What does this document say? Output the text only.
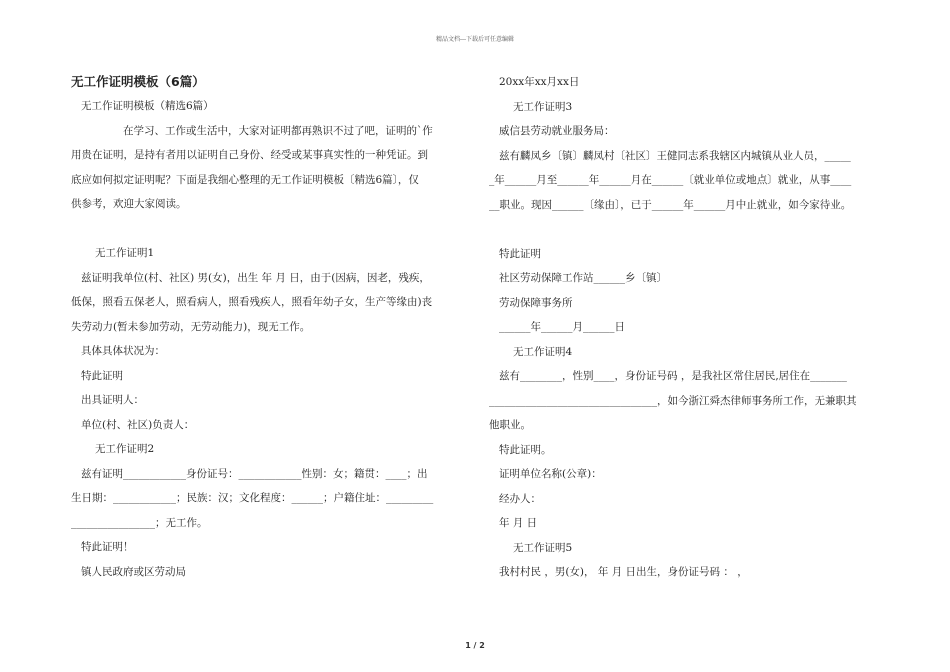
精品文档---下载后可任意编辑

无工作证明模板（6篇）

无工作证明模板（精选6篇）

在学习、工作或生活中，大家对证明都再熟识不过了吧，证明的`作

用贵在证明，是持有者用以证明自己身份、经受或某事真实性的一种凭证。到

底应如何拟定证明呢？下面是我细心整理的无工作证明模板〔精选6篇〕，仅

供参考，欢迎大家阅读。

无工作证明1

兹证明我单位(村、社区) 男(女)，出生 年 月 日，由于(因病，因老，残疾，

低保，照看五保老人，照看病人，照看残疾人，照看年幼子女，生产等缘由)丧

失劳动力(暂未参加劳动，无劳动能力)，现无工作。

具体具体状况为：

特此证明

出具证明人：

单位(村、社区)负责人：

无工作证明2

兹有证明____________身份证号：____________性别：女；籍贯：____；出

生日期：____________；民族：汉；文化程度：______；户籍住址：_________

________________；无工作。

特此证明！

镇人民政府或区劳动局

20xx年xx月xx日

无工作证明3

威信县劳动就业服务局：

兹有麟凤乡〔镇〕麟凤村〔社区〕王健同志系我辖区内城镇从业人员，_____

_年______月至______年______月在______〔就业单位或地点〕就业，从事____

__职业。现因______〔缘由〕，已于______年______月中止就业，如今家待业。

特此证明

社区劳动保障工作站______乡〔镇〕

劳动保障事务所

______年______月______日

无工作证明4

兹有________，性别____，身份证号码 ，是我社区常住居民,居住在_______

________________________________，如今浙江舜杰律师事务所工作，无兼职其

他职业。

特此证明。

证明单位名称(公章)：

经办人：

年 月 日

无工作证明5

我村村民 ，男(女)， 年 月 日出生，身份证号码 ： ，

1 / 2
